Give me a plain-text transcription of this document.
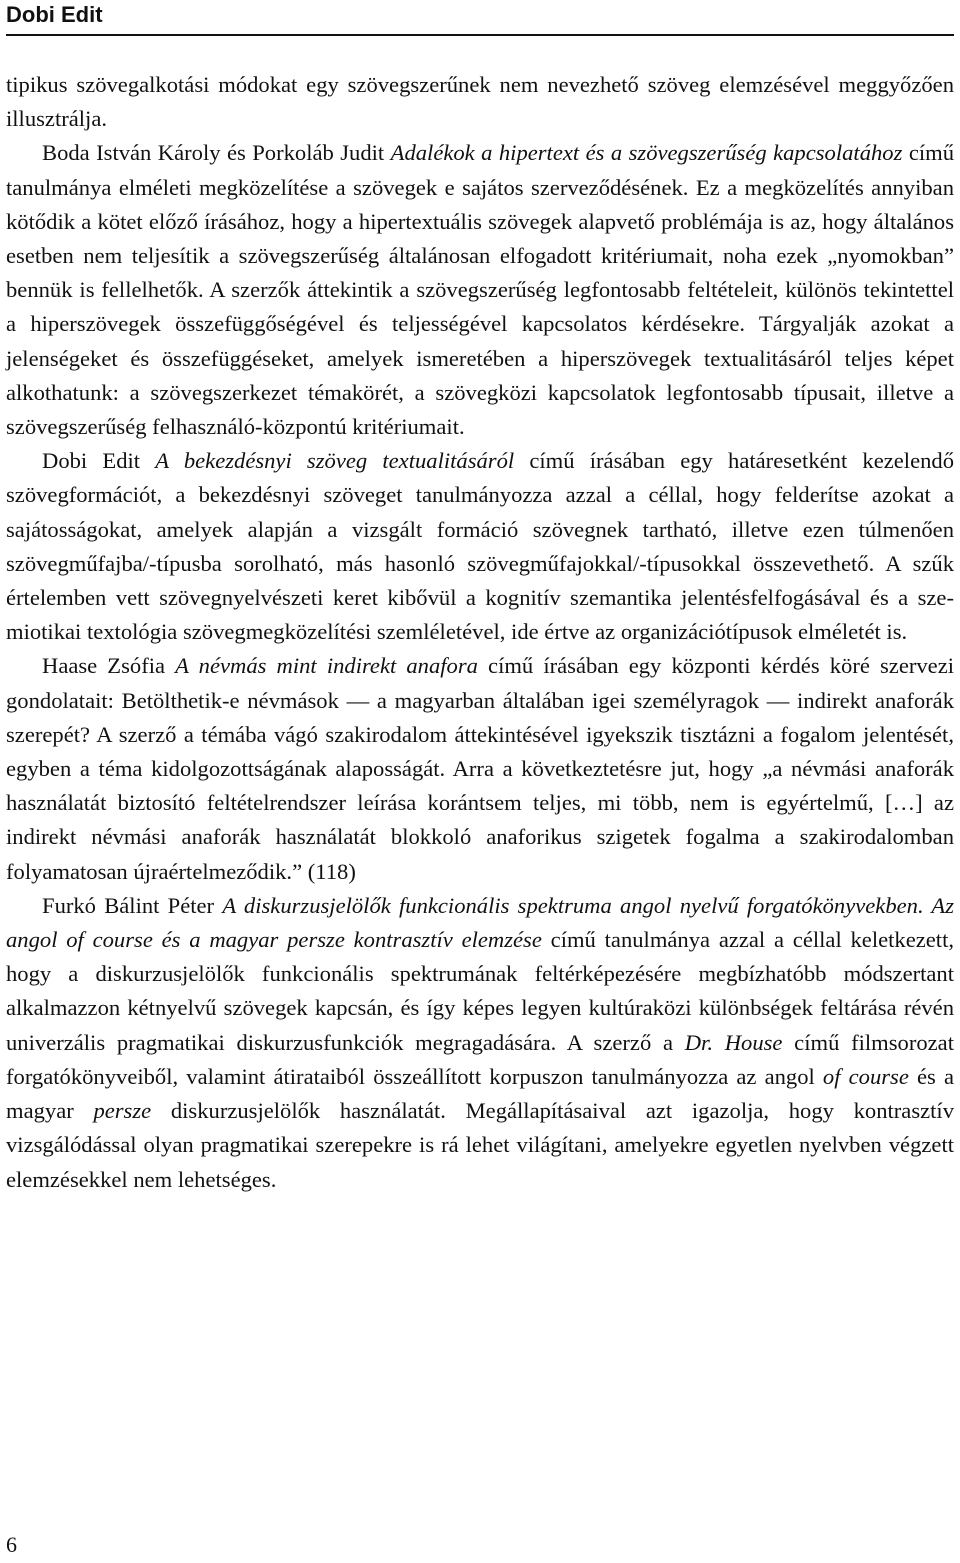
Dobi Edit

tipikus szövegalkotási módokat egy szövegszerűnek nem nevezhető szöveg elemzésével meggyőzően illusztrálja.

Boda István Károly és Porkoláb Judit Adalékok a hipertext és a szövegszerűség kapcsolatához című tanulmánya elméleti megközelítése a szövegek e sajátos szerveződésének. Ez a megközelítés annyiban kötődik a kötet előző írásához, hogy a hipertextuális szövegek alapvető problémája is az, hogy általános esetben nem teljesítik a szövegszerűség általánosan elfogadott kritériumait, noha ezek „nyomokban” bennük is fellelhetők. A szerzők áttekintik a szövegszerűség legfontosabb feltételeit, különös tekintettel a hiperszövegek összefüggőségével és teljességével kapcsolatos kérdésekre. Tárgyalják azokat a jelenségeket és összefüggéseket, amelyek ismeretében a hiperszövegek textualitásáról teljes képet alkothatunk: a szövegszerkezet témakörét, a szövegközi kapcsolatok legfontosabb típusait, illetve a szövegszerűség felhasználó-központú kritériumait.

Dobi Edit A bekezdésnyi szöveg textualitásáról című írásában egy határesetként kezelendő szövegformációt, a bekezdésnyi szöveget tanulmányozza azzal a céllal, hogy felderítse azokat a sajátosságokat, amelyek alapján a vizsgált formáció szövegnek tartható, illetve ezen túlmenően szövegműfajba/-típusba sorolható, más hasonló szövegműfajokkal/-típusokkal összevethető. A szűk értelemben vett szövegnyelvészeti keret kibővül a kognitív szemantika jelentésfelfogásával és a szemiotikai textológia szövegmegközelítési szemléletével, ide értve az organizációtípusok elméletét is.

Haase Zsófia A névmás mint indirekt anafora című írásában egy központi kérdés köré szervezi gondolatait: Betölthetik-e névmások — a magyarban általában igei személyragok — indirekt anaforák szerepét? A szerző a témába vágó szakirodalom áttekintésével igyekszik tisztázni a fogalom jelentését, egyben a téma kidolgozottságának alaposságát. Arra a következtetésre jut, hogy „a névmási anaforák használatát biztosító feltételrendszer leírása korántsem teljes, mi több, nem is egyértelmű, […] az indirekt névmási anaforák használatát blokkoló anaforikus szigetek fogalma a szakirodalomban folyamatosan újraértelmeződik.” (118)

Furkó Bálint Péter A diskurzusjelölők funkcionális spektruma angol nyelvű forgatókönyvekben. Az angol of course és a magyar persze kontrasztív elemzése című tanulmánya azzal a céllal keletkezett, hogy a diskurzusjelölők funkcionális spektrumának feltérképezésére megbízhatóbb módszertant alkalmazzon kétnyelvű szövegek kapcsán, és így képes legyen kultúraközi különbségek feltárása révén univerzális pragmatikai diskurzusfunkciók megragadására. A szerző a Dr. House című filmsorozat forgatókönyveiből, valamint átirataiból összeállított korpuszon tanulmányozza az angol of course és a magyar persze diskurzusjelölők használatát. Megállapításaival azt igazolja, hogy kontrasztív vizsgálódással olyan pragmatikai szerepekre is rá lehet világítani, amelyekre egyetlen nyelvben végzett elemzésekkel nem lehetséges.

6
